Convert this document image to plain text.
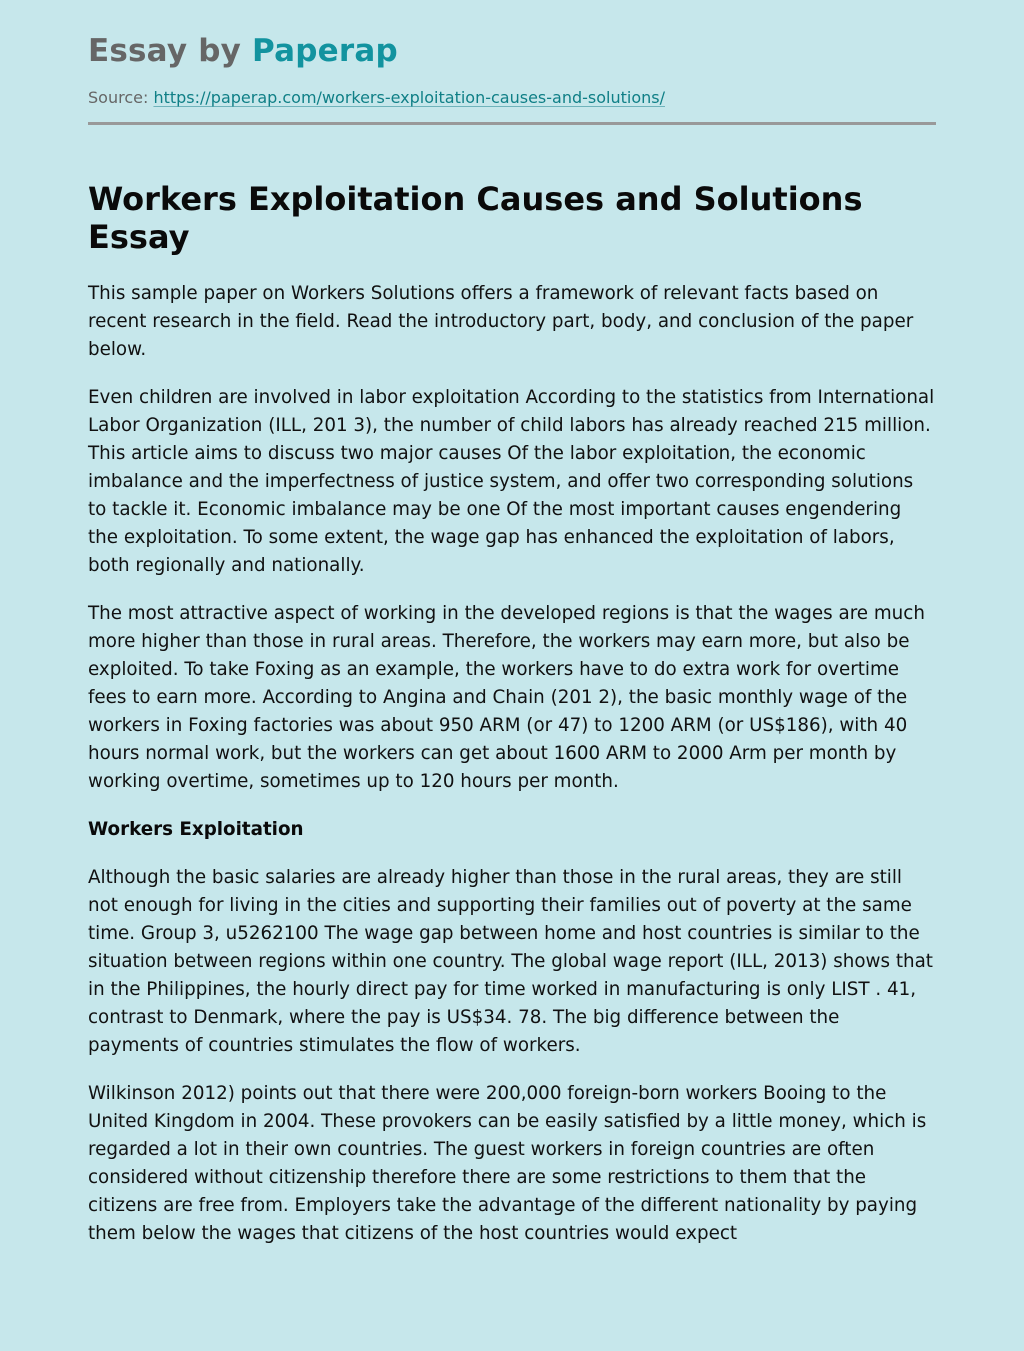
Essay by Paperap
Source: https://paperap.com/workers-exploitation-causes-and-solutions/
Workers Exploitation Causes and Solutions Essay

This sample paper on Workers Solutions offers a framework of relevant facts based on recent research in the field. Read the introductory part, body, and conclusion of the paper below.

Even children are involved in labor exploitation According to the statistics from International Labor Organization (ILL, 201 3), the number of child labors has already reached 215 million. This article aims to discuss two major causes Of the labor exploitation, the economic imbalance and the imperfectness of justice system, and offer two corresponding solutions to tackle it. Economic imbalance may be one Of the most important causes engendering the exploitation. To some extent, the wage gap has enhanced the exploitation of labors, both regionally and nationally.

The most attractive aspect of working in the developed regions is that the wages are much more higher than those in rural areas. Therefore, the workers may earn more, but also be exploited. To take Foxing as an example, the workers have to do extra work for overtime fees to earn more. According to Angina and Chain (201 2), the basic monthly wage of the workers in Foxing factories was about 950 ARM (or 47) to 1200 ARM (or US$186), with 40 hours normal work, but the workers can get about 1600 ARM to 2000 Arm per month by working overtime, sometimes up to 120 hours per month.

Workers Exploitation

Although the basic salaries are already higher than those in the rural areas, they are still not enough for living in the cities and supporting their families out of poverty at the same time. Group 3, u5262100 The wage gap between home and host countries is similar to the situation between regions within one country. The global wage report (ILL, 2013) shows that in the Philippines, the hourly direct pay for time worked in manufacturing is only LIST . 41, contrast to Denmark, where the pay is US$34. 78. The big difference between the payments of countries stimulates the flow of workers.

Wilkinson 2012) points out that there were 200,000 foreign-born workers Booing to the United Kingdom in 2004. These provokers can be easily satisfied by a little money, which is regarded a lot in their own countries. The guest workers in foreign countries are often considered without citizenship therefore there are some restrictions to them that the citizens are free from. Employers take the advantage of the different nationality by paying them below the wages that citizens of the host countries would expect
